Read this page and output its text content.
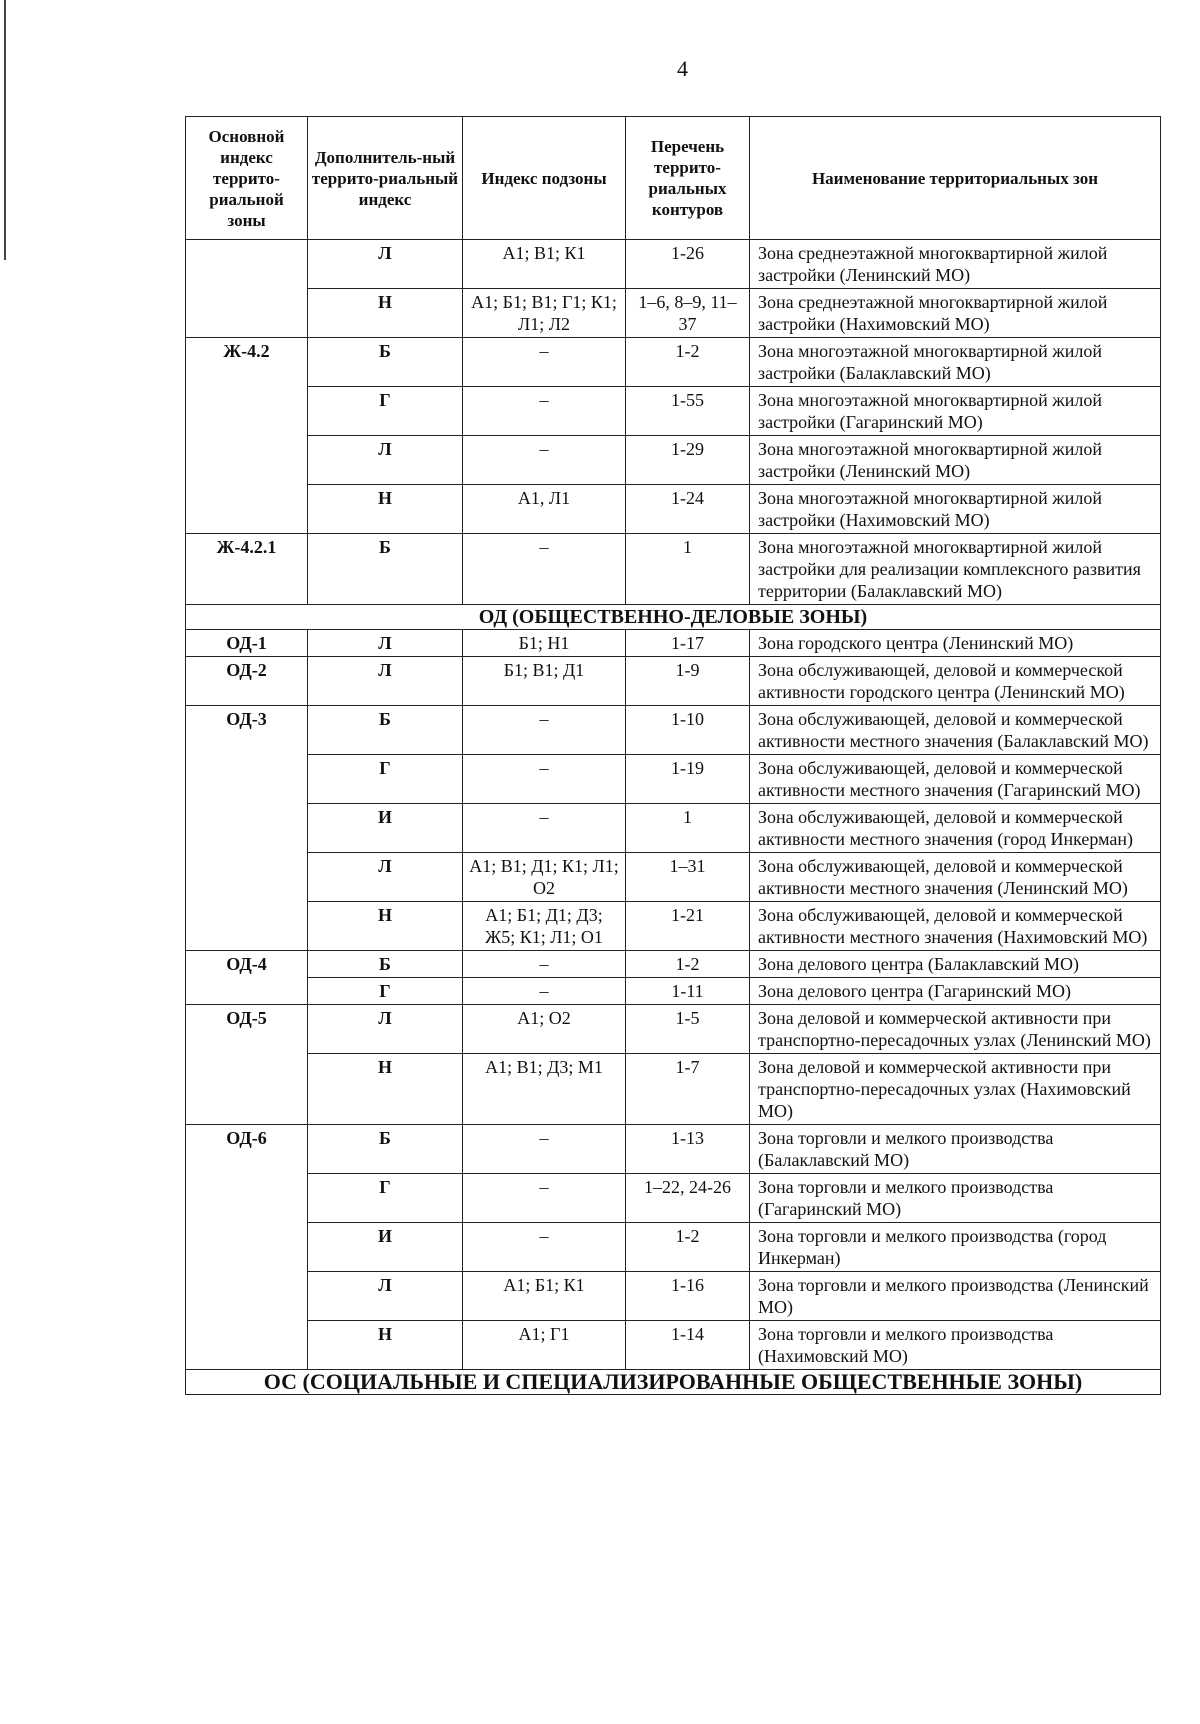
4
Основной индекс террито-риальной зоны	Дополнитель-ный террито-риальный индекс	Индекс подзоны	Перечень террито-риальных контуров	Наименование территориальных зон
	Л	А1; В1; К1	1-26	Зона среднеэтажной многоквартирной жилой застройки (Ленинский МО)
	Н	А1; Б1; В1; Г1; К1; Л1; Л2	1–6, 8–9, 11–37	Зона среднеэтажной многоквартирной жилой застройки (Нахимовский МО)
Ж-4.2	Б	–	1-2	Зона многоэтажной многоквартирной жилой застройки (Балаклавский МО)
	Г	–	1-55	Зона многоэтажной многоквартирной жилой застройки (Гагаринский МО)
	Л	–	1-29	Зона многоэтажной многоквартирной жилой застройки (Ленинский МО)
	Н	А1, Л1	1-24	Зона многоэтажной многоквартирной жилой застройки (Нахимовский МО)
Ж-4.2.1	Б	–	1	Зона многоэтажной многоквартирной жилой застройки для реализации комплексного развития территории (Балаклавский МО)
ОД (ОБЩЕСТВЕННО-ДЕЛОВЫЕ ЗОНЫ)				
ОД-1	Л	Б1; Н1	1-17	Зона городского центра (Ленинский МО)
ОД-2	Л	Б1; В1; Д1	1-9	Зона обслуживающей, деловой и коммерческой активности городского центра (Ленинский МО)
ОД-3	Б	–	1-10	Зона обслуживающей, деловой и коммерческой активности местного значения (Балаклавский МО)
	Г	–	1-19	Зона обслуживающей, деловой и коммерческой активности местного значения (Гагаринский МО)
	И	–	1	Зона обслуживающей, деловой и коммерческой активности местного значения (город Инкерман)
	Л	А1; В1; Д1; К1; Л1; О2	1–31	Зона обслуживающей, деловой и коммерческой активности местного значения (Ленинский МО)
	Н	А1; Б1; Д1; Д3; Ж5; К1; Л1; О1	1-21	Зона обслуживающей, деловой и коммерческой активности местного значения (Нахимовский МО)
ОД-4	Б	–	1-2	Зона делового центра (Балаклавский МО)
	Г	–	1-11	Зона делового центра (Гагаринский МО)
ОД-5	Л	А1; О2	1-5	Зона деловой и коммерческой активности при транспортно-пересадочных узлах (Ленинский МО)
	Н	А1; В1; Д3; М1	1-7	Зона деловой и коммерческой активности при транспортно-пересадочных узлах (Нахимовский МО)
ОД-6	Б	–	1-13	Зона торговли и мелкого производства (Балаклавский МО)
	Г	–	1–22, 24-26	Зона торговли и мелкого производства (Гагаринский МО)
	И	–	1-2	Зона торговли и мелкого производства (город Инкерман)
	Л	А1; Б1; К1	1-16	Зона торговли и мелкого производства (Ленинский МО)
	Н	А1; Г1	1-14	Зона торговли и мелкого производства (Нахимовский МО)
ОС (СОЦИАЛЬНЫЕ И СПЕЦИАЛИЗИРОВАННЫЕ ОБЩЕСТВЕННЫЕ ЗОНЫ)				
